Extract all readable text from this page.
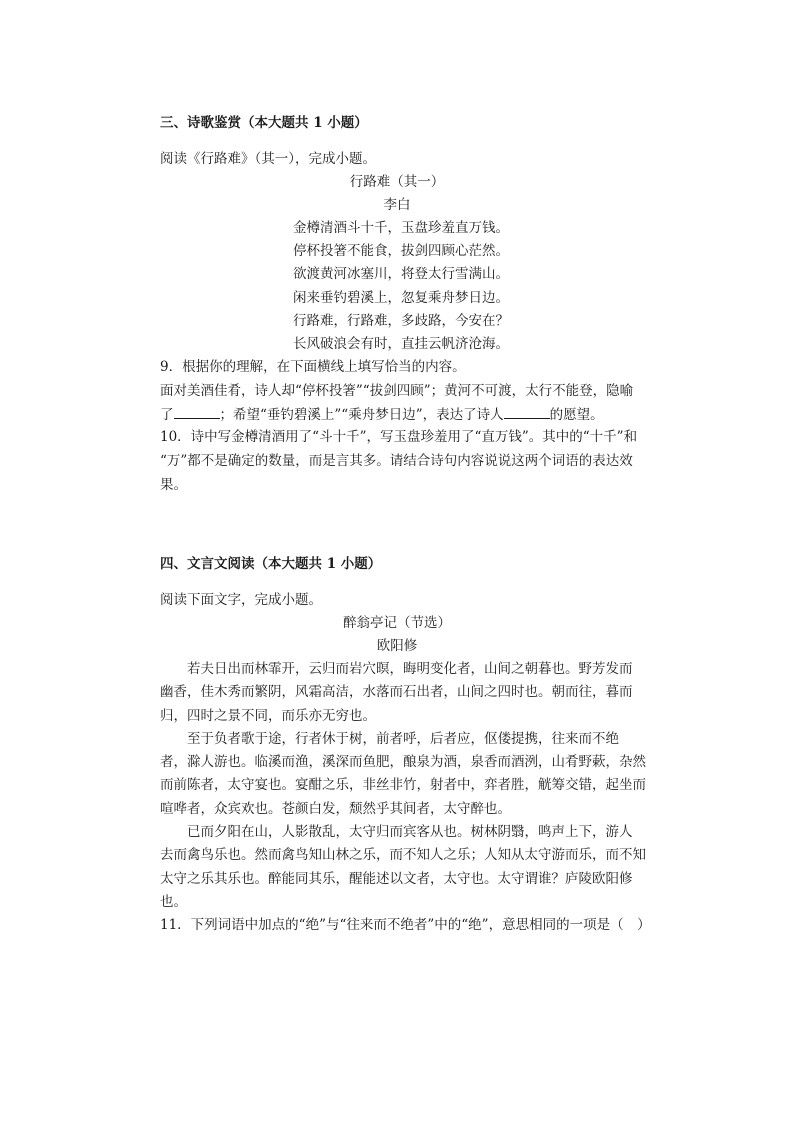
三、诗歌鉴赏（本大题共 1 小题）
阅读《行路难》（其一），完成小题。
行路难（其一）
李白
金樽清酒斗十千，玉盘珍羞直万钱。
停杯投箸不能食，拔剑四顾心茫然。
欲渡黄河冰塞川，将登太行雪满山。
闲来垂钓碧溪上，忽复乘舟梦日边。
行路难，行路难，多歧路，今安在？
长风破浪会有时，直挂云帆济沧海。
9．根据你的理解，在下面横线上填写恰当的内容。
面对美酒佳肴，诗人却“停杯投箸”“拔剑四顾”；黄河不可渡，太行不能登，隐喻
了	；希望“垂钓碧溪上”“乘舟梦日边”，表达了诗人	的愿望。
10．诗中写金樽清酒用了“斗十千”，写玉盘珍羞用了“直万钱”。其中的“十千”和
“万”都不是确定的数量，而是言其多。请结合诗句内容说说这两个词语的表达效
果。
四、文言文阅读（本大题共 1 小题）
阅读下面文字，完成小题。
醉翁亭记（节选）
欧阳修
若夫日出而林霏开，云归而岩穴暝，晦明变化者，山间之朝暮也。野芳发而
幽香，佳木秀而繁阴，风霜高洁，水落而石出者，山间之四时也。朝而往，暮而
归，四时之景不同，而乐亦无穷也。
至于负者歌于途，行者休于树，前者呼，后者应，伛偻提携，往来而不绝
者，滁人游也。临溪而渔，溪深而鱼肥，酿泉为酒，泉香而酒洌，山肴野蔌，杂然
而前陈者，太守宴也。宴酣之乐，非丝非竹，射者中，弈者胜，觥筹交错，起坐而
喧哗者，众宾欢也。苍颜白发，颓然乎其间者，太守醉也。
已而夕阳在山，人影散乱，太守归而宾客从也。树林阴翳，鸣声上下，游人
去而禽鸟乐也。然而禽鸟知山林之乐，而不知人之乐；人知从太守游而乐，而不知
太守之乐其乐也。醉能同其乐，醒能述以文者，太守也。太守谓谁？庐陵欧阳修
也。
11．下列词语中加点的“绝”与“往来而不绝者”中的“绝”，意思相同的一项是（　）
